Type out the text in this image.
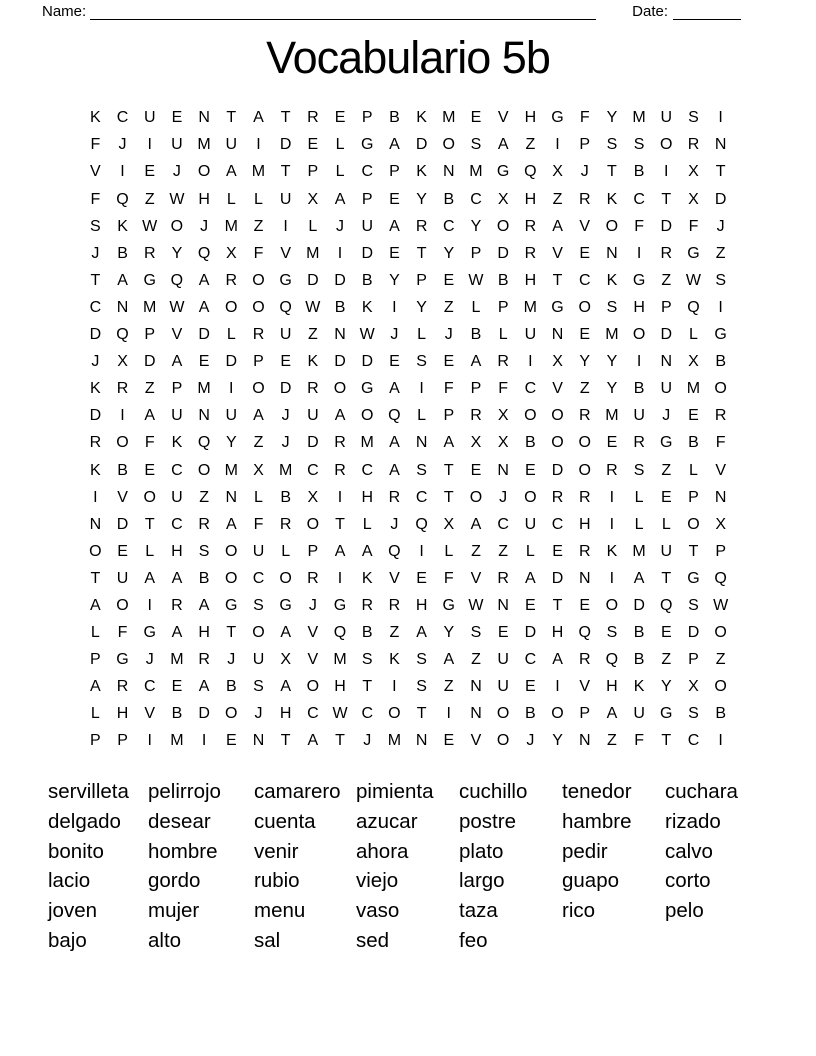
Name:	Date:
Vocabulario 5b
K	C U	E	N	T	A	T	R	E	P	B	K M E	V	H G	F	Y M U	S	I
F	J	I	U M U	I	D	E	L	G A	D O S	A	Z	I	P	S	S O R N
V	I	E	J	O A M T	P	L	C	P	K	N M G Q X	J	T	B	I	X	T
F	Q	Z W H	L	L	U	X	A	P	E	Y	B	C	X	H	Z	R	K	C	T	X	D
S	K W O	J	M Z	I	L	J	U	A	R C	Y O R	A	V O	F	D	F	J
J	B	R	Y Q X	F	V M	I	D	E	T	Y	P	D R	V	E	N	I	R G	Z
T	A G Q A	R O G D D	B	Y	P	E W B	H	T	C	K G	Z W S
C N M W A O O Q W B	K	I	Y	Z	L	P M G O S	H	P Q	I
D Q P	V	D	L	R U	Z	N W J	L	J	B	L	U N	E M O D	L	G
J	X	D	A	E	D	P	E	K	D D	E	S	E	A	R	I	X	Y	Y	I	N	X	B
K	R	Z	P M	I	O D R O G A	I	F	P	F	C	V	Z	Y	B	U M O
D	I	A	U N U	A	J	U	A O Q	L	P	R	X O O R M U	J	E	R
R O	F	K Q Y	Z	J	D R M A	N	A	X	X	B O O E	R G B	F
K	B	E	C O M X M C R C	A	S	T	E	N	E	D O R	S	Z	L	V
I	V O U	Z	N	L	B	X	I	H R C	T	O	J	O R R	I	L	E	P	N
N D	T	C R	A	F	R O	T	L	J	Q X	A	C U C H	I	L	L	O X
O E	L	H	S O U	L	P	A	A Q	I	L	Z	Z	L	E	R	K M U	T	P
T	U	A	A	B O C O R	I	K	V	E	F	V	R	A	D N	I	A	T	G Q
A O	I	R	A G S G	J	G R R H G W N	E	T	E O D Q S W
L	F	G A	H	T	O A	V Q B	Z	A	Y	S	E	D H Q S	B	E	D O
P G	J	M R	J	U	X	V M S	K	S	A	Z	U C	A	R Q B	Z	P	Z
A	R C	E	A	B	S	A O H	T	I	S	Z	N U	E	I	V	H	K	Y	X O
L	H	V	B	D O	J	H C W C O	T	I	N O B O P	A	U G S	B
P	P	I	M	I	E	N	T	A	T	J	M N	E	V O	J	Y	N	Z	F	T	C	I
servilleta pelirrojo	camarero pimienta	cuchillo	tenedor	cuchara
delgado	desear	cuenta	azucar	postre	hambre	rizado
bonito	hombre	venir	ahora	plato	pedir	calvo
lacio	gordo	rubio	viejo	largo	guapo	corto
joven	mujer	menu	vaso	taza	rico	pelo
bajo	alto	sal	sed	feo
